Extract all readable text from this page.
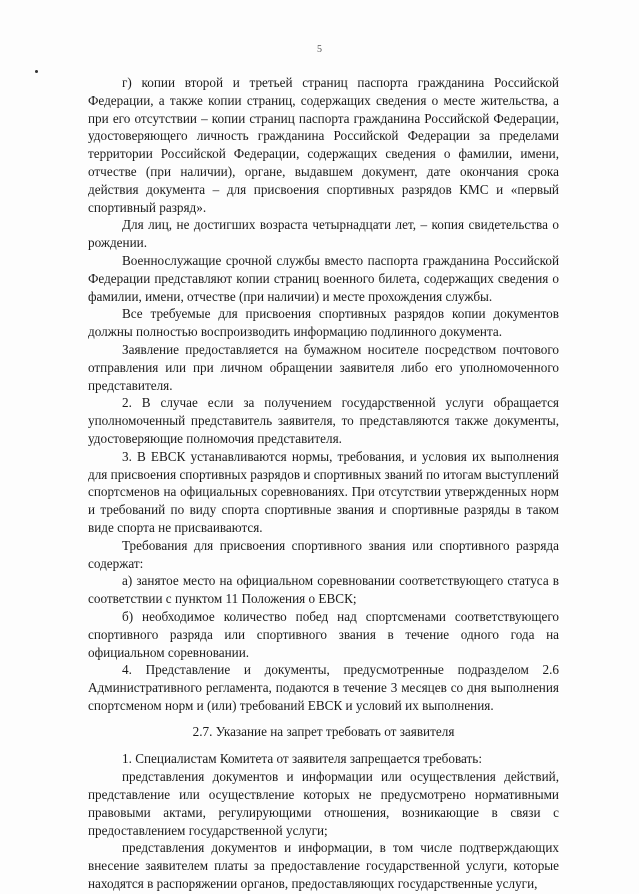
5

г) копии второй и третьей страниц паспорта гражданина Российской Федерации, а также копии страниц, содержащих сведения о месте жительства, а при его отсутствии – копии страниц паспорта гражданина Российской Федерации, удостоверяющего личность гражданина Российской Федерации за пределами территории Российской Федерации, содержащих сведения о фамилии, имени, отчестве (при наличии), органе, выдавшем документ, дате окончания срока действия документа – для присвоения спортивных разрядов КМС и «первый спортивный разряд».

Для лиц, не достигших возраста четырнадцати лет, – копия свидетельства о рождении.

Военнослужащие срочной службы вместо паспорта гражданина Российской Федерации представляют копии страниц военного билета, содержащих сведения о фамилии, имени, отчестве (при наличии) и месте прохождения службы.

Все требуемые для присвоения спортивных разрядов копии документов должны полностью воспроизводить информацию подлинного документа.

Заявление предоставляется на бумажном носителе посредством почтового отправления или при личном обращении заявителя либо его уполномоченного представителя.

2. В случае если за получением государственной услуги обращается уполномоченный представитель заявителя, то представляются также документы, удостоверяющие полномочия представителя.

3. В ЕВСК устанавливаются нормы, требования, и условия их выполнения для присвоения спортивных разрядов и спортивных званий по итогам выступлений спортсменов на официальных соревнованиях. При отсутствии утвержденных норм и требований по виду спорта спортивные звания и спортивные разряды в таком виде спорта не присваиваются.

Требования для присвоения спортивного звания или спортивного разряда содержат:

а) занятое место на официальном соревновании соответствующего статуса в соответствии с пунктом 11 Положения о ЕВСК;

б) необходимое количество побед над спортсменами соответствующего спортивного разряда или спортивного звания в течение одного года на официальном соревновании.

4. Представление и документы, предусмотренные подразделом 2.6 Административного регламента, подаются в течение 3 месяцев со дня выполнения спортсменом норм и (или) требований ЕВСК и условий их выполнения.

2.7. Указание на запрет требовать от заявителя

1. Специалистам Комитета от заявителя запрещается требовать:

представления документов и информации или осуществления действий, представление или осуществление которых не предусмотрено нормативными правовыми актами, регулирующими отношения, возникающие в связи с предоставлением государственной услуги;

представления документов и информации, в том числе подтверждающих внесение заявителем платы за предоставление государственной услуги, которые находятся в распоряжении органов, предоставляющих государственные услуги,
